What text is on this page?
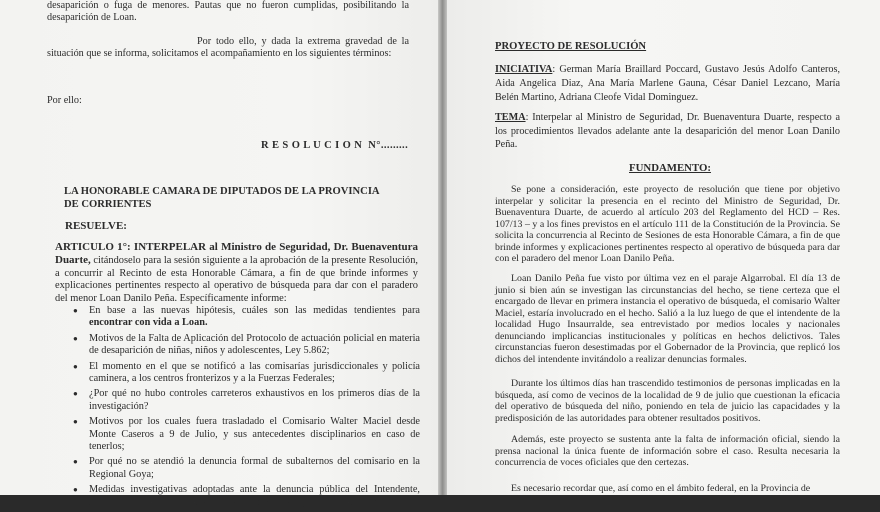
desaparición o fuga de menores. Pautas que no fueron cumplidas, posibilitando la desaparición de Loan.

Por todo ello, y dada la extrema gravedad de la situación que se informa, solicitamos el acompañamiento en los siguientes términos:

Por ello:

R E S O L U C I O N  N°.........

LA HONORABLE CAMARA DE DIPUTADOS DE LA PROVINCIA DE CORRIENTES

RESUELVE:

ARTICULO 1°: INTERPELAR al Ministro de Seguridad, Dr. Buenaventura Duarte, citándoselo para la sesión siguiente a la aprobación de la presente Resolución, a concurrir al Recinto de esta Honorable Cámara, a fin de que brinde informes y explicaciones pertinentes respecto al operativo de búsqueda para dar con el paradero del menor Loan Danilo Peña. Específicamente informe:

● En base a las nuevas hipótesis, cuáles son las medidas tendientes para encontrar con vida a Loan.
● Motivos de la Falta de Aplicación del Protocolo de actuación policial en materia de desaparición de niñas, niños y adolescentes, Ley 5.862;
● El momento en el que se notificó a las comisarías jurisdiccionales y policía caminera, a los centros fronterizos y a la Fuerzas Federales;
● ¿Por qué no hubo controles carreteros exhaustivos en los primeros días de la investigación?
● Motivos por los cuales fuera trasladado el Comisario Walter Maciel desde Monte Caseros a 9 de Julio, y sus antecedentes disciplinarios en caso de tenerlos;
● Por qué no se atendió la denuncia formal de subalternos del comisario en la Regional Goya;
● Medidas investigativas adoptadas ante la denuncia pública del Intendente, solicitando la remoción de la cúpula de la comisaría, así como el vínculo con

PROYECTO DE RESOLUCIÓN

INICIATIVA: German María Braillard Poccard, Gustavo Jesús Adolfo Canteros, Aida Angelica Diaz, Ana María Marlene Gauna, César Daniel Lezcano, María Belén Martino, Adriana Cleofe Vidal Dominguez.

TEMA: Interpelar al Ministro de Seguridad, Dr. Buenaventura Duarte, respecto a los procedimientos llevados adelante ante la desaparición del menor Loan Danilo Peña.

FUNDAMENTO:

Se pone a consideración, este proyecto de resolución que tiene por objetivo interpelar y solicitar la presencia en el recinto del Ministro de Seguridad, Dr. Buenaventura Duarte, de acuerdo al artículo 203 del Reglamento del HCD – Res. 107/13 – y a los fines previstos en el artículo 111 de la Constitución de la Provincia. Se solicita la concurrencia al Recinto de Sesiones de esta Honorable Cámara, a fin de que brinde informes y explicaciones pertinentes respecto al operativo de búsqueda para dar con el paradero del menor Loan Danilo Peña.

Loan Danilo Peña fue visto por última vez en el paraje Algarrobal. El día 13 de junio si bien aún se investigan las circunstancias del hecho, se tiene certeza que el encargado de llevar en primera instancia el operativo de búsqueda, el comisario Walter Maciel, estaría involucrado en el hecho. Salió a la luz luego de que el intendente de la localidad Hugo Insaurralde, sea entrevistado por medios locales y nacionales denunciando implicancias institucionales y políticas en hechos delictivos. Tales circunstancias fueron desestimadas por el Gobernador de la Provincia, que replicó los dichos del intendente invitándolo a realizar denuncias formales.

Durante los últimos días han trascendido testimonios de personas implicadas en la búsqueda, así como de vecinos de la localidad de 9 de julio que cuestionan la eficacia del operativo de búsqueda del niño, poniendo en tela de juicio las capacidades y la predisposición de las autoridades para obtener resultados positivos.

Además, este proyecto se sustenta ante la falta de información oficial, siendo la prensa nacional la única fuente de información sobre el caso. Resulta necesaria la concurrencia de voces oficiales que den certezas.

Es necesario recordar que, así como en el ámbito federal, en la Provincia de
